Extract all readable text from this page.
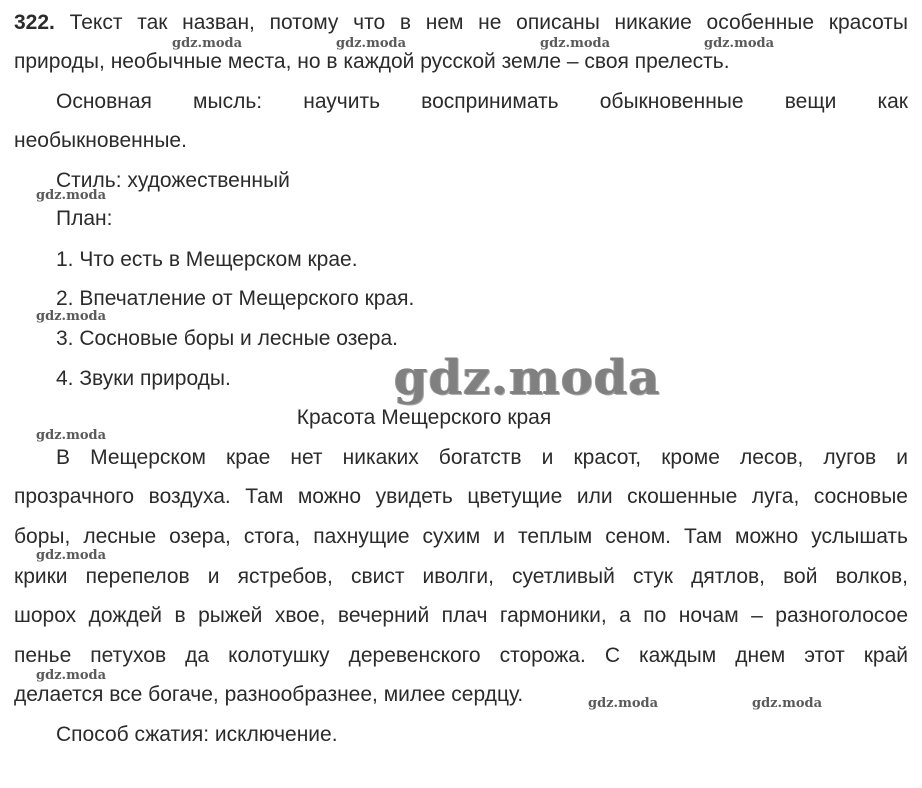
322. Текст так назван, потому что в нем не описаны никакие особенные красоты
природы, необычные места, но в каждой русской земле – своя прелесть.
Основная мысль: научить воспринимать обыкновенные вещи как
необыкновенные.
Стиль: художественный
План:
1. Что есть в Мещерском крае.
2. Впечатление от Мещерского края.
3. Сосновые боры и лесные озера.
4. Звуки природы.
Красота Мещерского края
В Мещерском крае нет никаких богатств и красот, кроме лесов, лугов и
прозрачного воздуха. Там можно увидеть цветущие или скошенные луга, сосновые
боры, лесные озера, стога, пахнущие сухим и теплым сеном. Там можно услышать
крики перепелов и ястребов, свист иволги, суетливый стук дятлов, вой волков,
шорох дождей в рыжей хвое, вечерний плач гармоники, а по ночам – разноголосое
пенье петухов да колотушку деревенского сторожа. С каждым днем этот край
делается все богаче, разнообразнее, милее сердцу.
Способ сжатия: исключение.
gdz.moda	gdz.moda	gdz.moda	gdz.moda
gdz.moda
gdz.moda
gdz.moda
gdz.moda
gdz.moda
gdz.moda	gdz.moda
gdz.moda
